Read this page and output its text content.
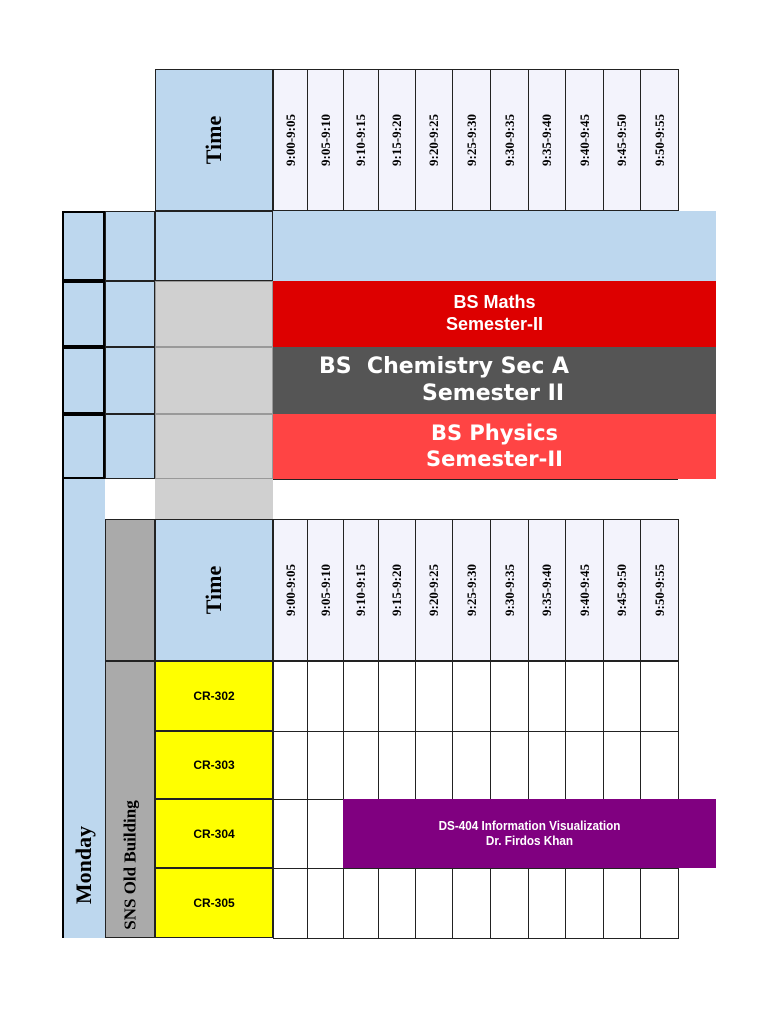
Time	9:00-9:05 9:05-9:10 9:10-9:15 9:15-9:20 9:20-9:25 9:25-9:30 9:30-9:35 9:35-9:40 9:40-9:45 9:45-9:50 9:50-9:55
BS Maths
Semester-II
BS  Chemistry Sec A
Semester II
BS Physics
Semester-II
Monday SNS Old Building
Time	9:00-9:05 9:05-9:10 9:10-9:15 9:15-9:20 9:20-9:25 9:25-9:30 9:30-9:35 9:35-9:40 9:40-9:45 9:45-9:50 9:50-9:55
CR-302
CR-303
CR-304
CR-305
DS-404 Information Visualization
Dr. Firdos Khan
